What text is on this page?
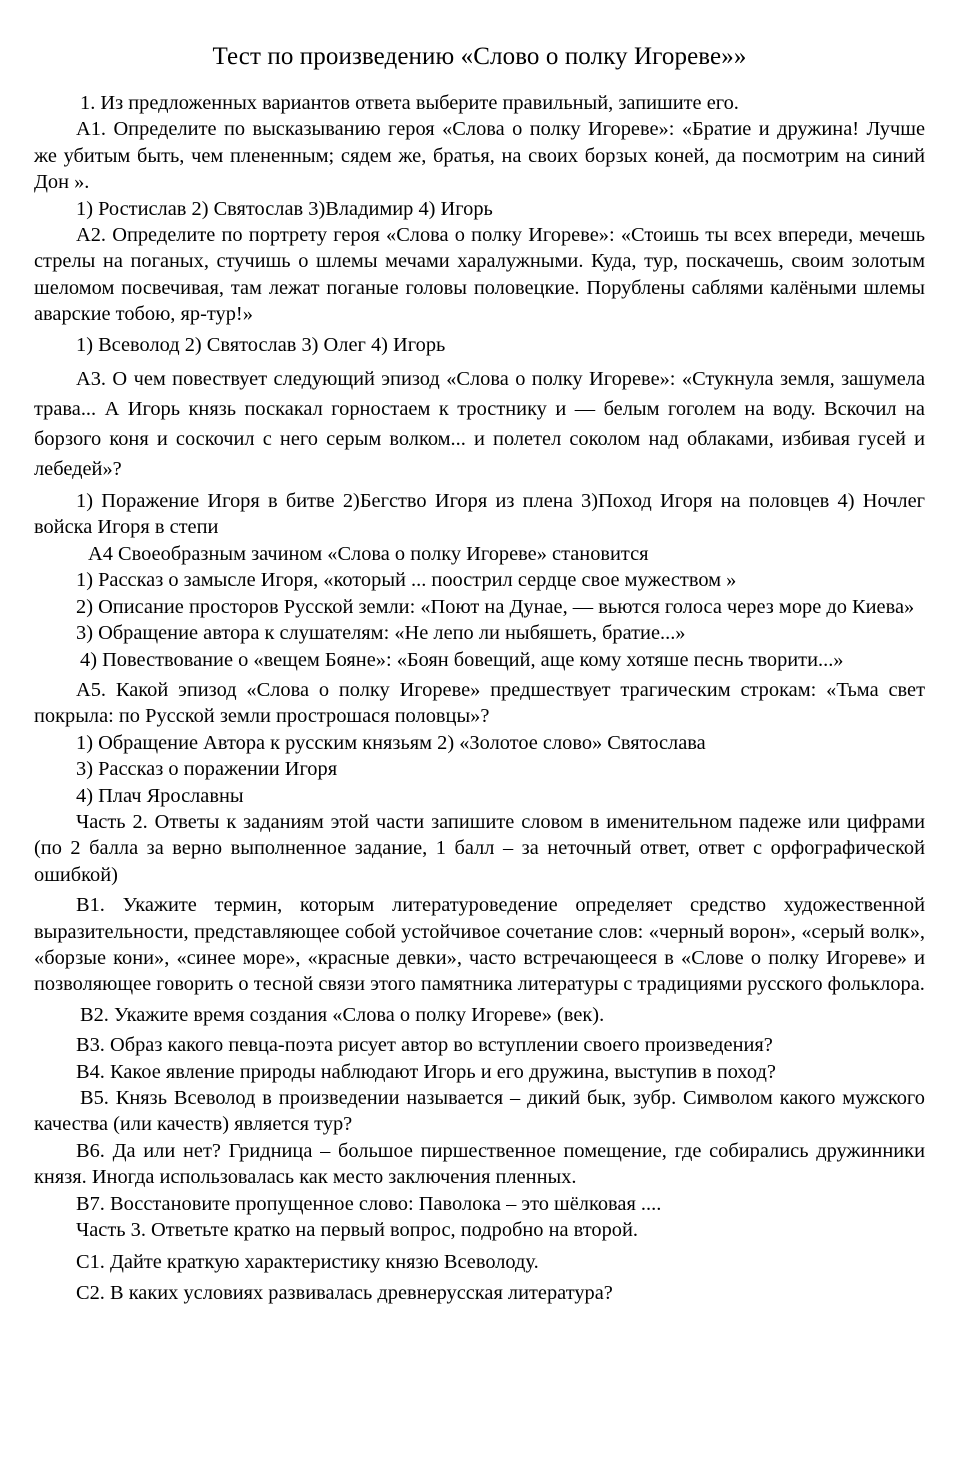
Тест по произведению «Слово о полку Игореве»»

1. Из предложенных вариантов ответа выберите правильный, запишите его.

А1. Определите по высказыванию героя «Слова о полку Игореве»: «Братие и дружина! Лучше же убитым быть, чем плененным; сядем же, братья, на своих борзых коней, да посмотрим на синий Дон ».

1) Ростислав 2) Святослав 3)Владимир 4) Игорь

А2. Определите по портрету героя «Слова о полку Игореве»: «Стоишь ты всех впереди, мечешь стрелы на поганых, стучишь о шлемы мечами харалужными. Куда, тур, поскачешь, своим золотым шеломом посвечивая, там лежат поганые головы половецкие. Порублены саблями калёными шлемы аварские тобою, яр-тур!»

1) Всеволод 2) Святослав 3) Олег 4) Игорь

А3. О чем повествует следующий эпизод «Слова о полку Игореве»: «Стукнула земля, зашумела трава... А Игорь князь поскакал горностаем к тростнику и — белым гоголем на воду. Вскочил на борзого коня и соскочил с него серым волком... и полетел соколом над облаками, избивая гусей и лебедей»?

1) Поражение Игоря в битве 2)Бегство Игоря из плена 3)Поход Игоря на половцев 4) Ночлег войска Игоря в степи

А4 Своеобразным зачином «Слова о полку Игореве» становится

1) Рассказ о замысле Игоря, «который ... поострил сердце свое мужеством »

2) Описание просторов Русской земли: «Поют на Дунае, — вьются голоса через море до Киева»

3) Обращение автора к слушателям: «Не лепо ли ныбяшеть, братие...»

4) Повествование о «вещем Бояне»: «Боян бовещий, аще кому хотяше песнь творити...»

А5. Какой эпизод «Слова о полку Игореве» предшествует трагическим строкам: «Тьма свет покрыла: по Русской земли прострошася половцы»?

1) Обращение Автора к русским князьям 2) «Золотое слово» Святослава

3) Рассказ о поражении Игоря

4) Плач Ярославны

Часть 2. Ответы к заданиям этой части запишите словом в именительном падеже или цифрами (по 2 балла за верно выполненное задание, 1 балл – за неточный ответ, ответ с орфографической ошибкой)

В1. Укажите термин, которым литературоведение определяет средство художественной выразительности, представляющее собой устойчивое сочетание слов: «черный ворон», «серый волк», «борзые кони», «синее море», «красные девки», часто встречающееся в «Слове о полку Игореве» и позволяющее говорить о тесной связи этого памятника литературы с традициями русского фольклора.

В2. Укажите время создания «Слова о полку Игореве» (век).

В3. Образ какого певца-поэта рисует автор во вступлении своего произведения?

В4. Какое явление природы наблюдают Игорь и его дружина, выступив в поход?

В5. Князь Всеволод в произведении называется – дикий бык, зубр. Символом какого мужского качества (или качеств) является тур?

В6. Да или нет? Гридница – большое пиршественное помещение, где собирались дружинники князя. Иногда использовалась как место заключения пленных.

В7. Восстановите пропущенное слово: Паволока – это шёлковая ....

Часть 3. Ответьте кратко на первый вопрос, подробно на второй.

С1. Дайте краткую характеристику князю Всеволоду.

С2. В каких условиях развивалась древнерусская литература?
